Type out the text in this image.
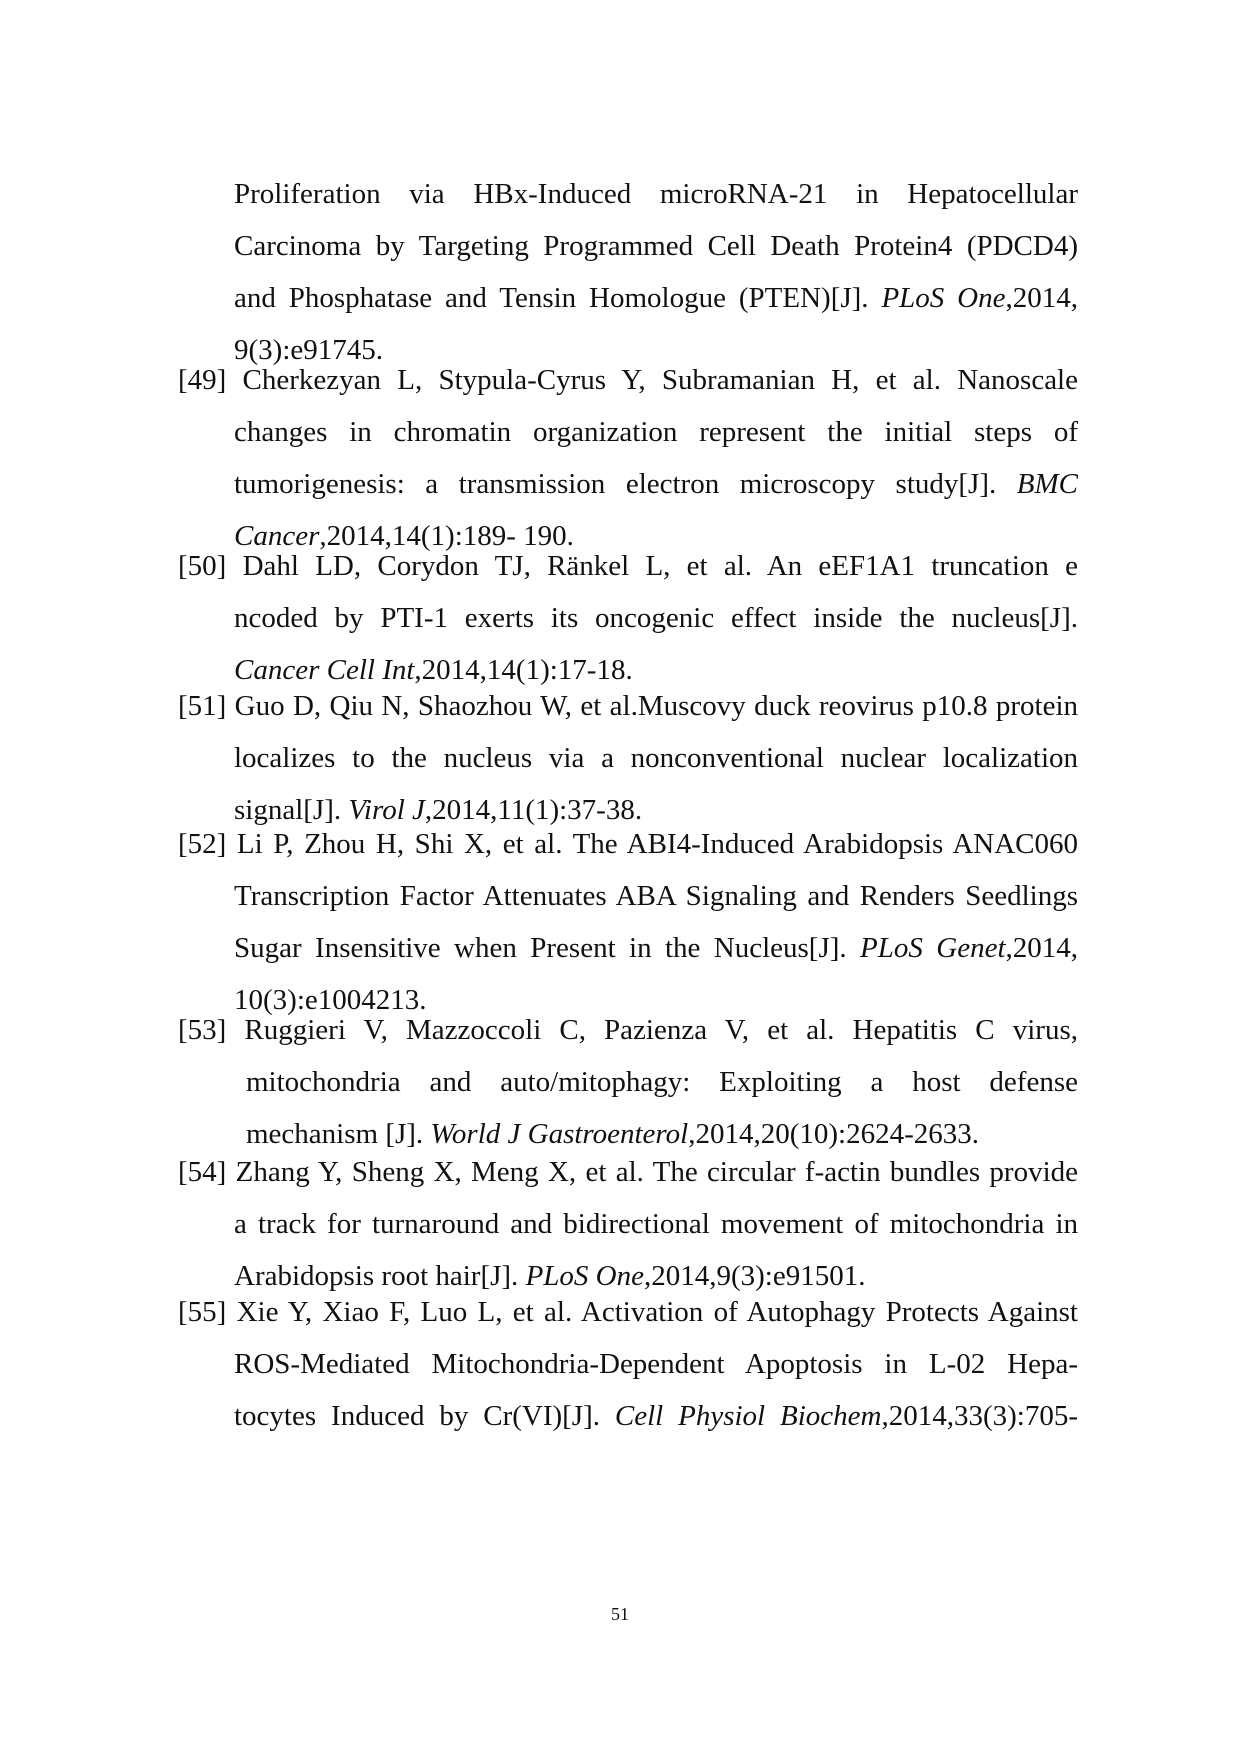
Proliferation via HBx-Induced microRNA-21 in Hepatocellular
Carcinoma by Targeting Programmed Cell Death Protein4 (PDCD4)
and Phosphatase and Tensin Homologue (PTEN)[J]. PLoS One,2014,
9(3):e91745.
[49] Cherkezyan L, Stypula-Cyrus Y, Subramanian H, et al. Nanoscale
changes in chromatin organization represent the initial steps of
tumorigenesis: a transmission electron microscopy study[J]. BMC
Cancer,2014,14(1):189- 190.
[50] Dahl LD, Corydon TJ, Ränkel L, et al. An eEF1A1 truncation e
ncoded by PTI-1 exerts its oncogenic effect inside the nucleus[J].
Cancer Cell Int,2014,14(1):17-18.
[51] Guo D, Qiu N, Shaozhou W, et al.Muscovy duck reovirus p10.8 protein
localizes to the nucleus via a nonconventional nuclear localization
signal[J]. Virol J,2014,11(1):37-38.
[52] Li P, Zhou H, Shi X, et al. The ABI4-Induced Arabidopsis ANAC060
Transcription Factor Attenuates ABA Signaling and Renders Seedlings
Sugar Insensitive when Present in the Nucleus[J]. PLoS Genet,2014,
10(3):e1004213.
[53] Ruggieri V, Mazzoccoli C, Pazienza V, et al. Hepatitis C virus,
mitochondria and auto/mitophagy: Exploiting a host defense
mechanism [J]. World J Gastroenterol,2014,20(10):2624-2633.
[54] Zhang Y, Sheng X, Meng X, et al. The circular f-actin bundles provide
a track for turnaround and bidirectional movement of mitochondria in
Arabidopsis root hair[J]. PLoS One,2014,9(3):e91501.
[55] Xie Y, Xiao F, Luo L, et al. Activation of Autophagy Protects Against
ROS-Mediated Mitochondria-Dependent Apoptosis in L-02 Hepa-
tocytes Induced by Cr(VI)[J]. Cell Physiol Biochem,2014,33(3):705-
51
